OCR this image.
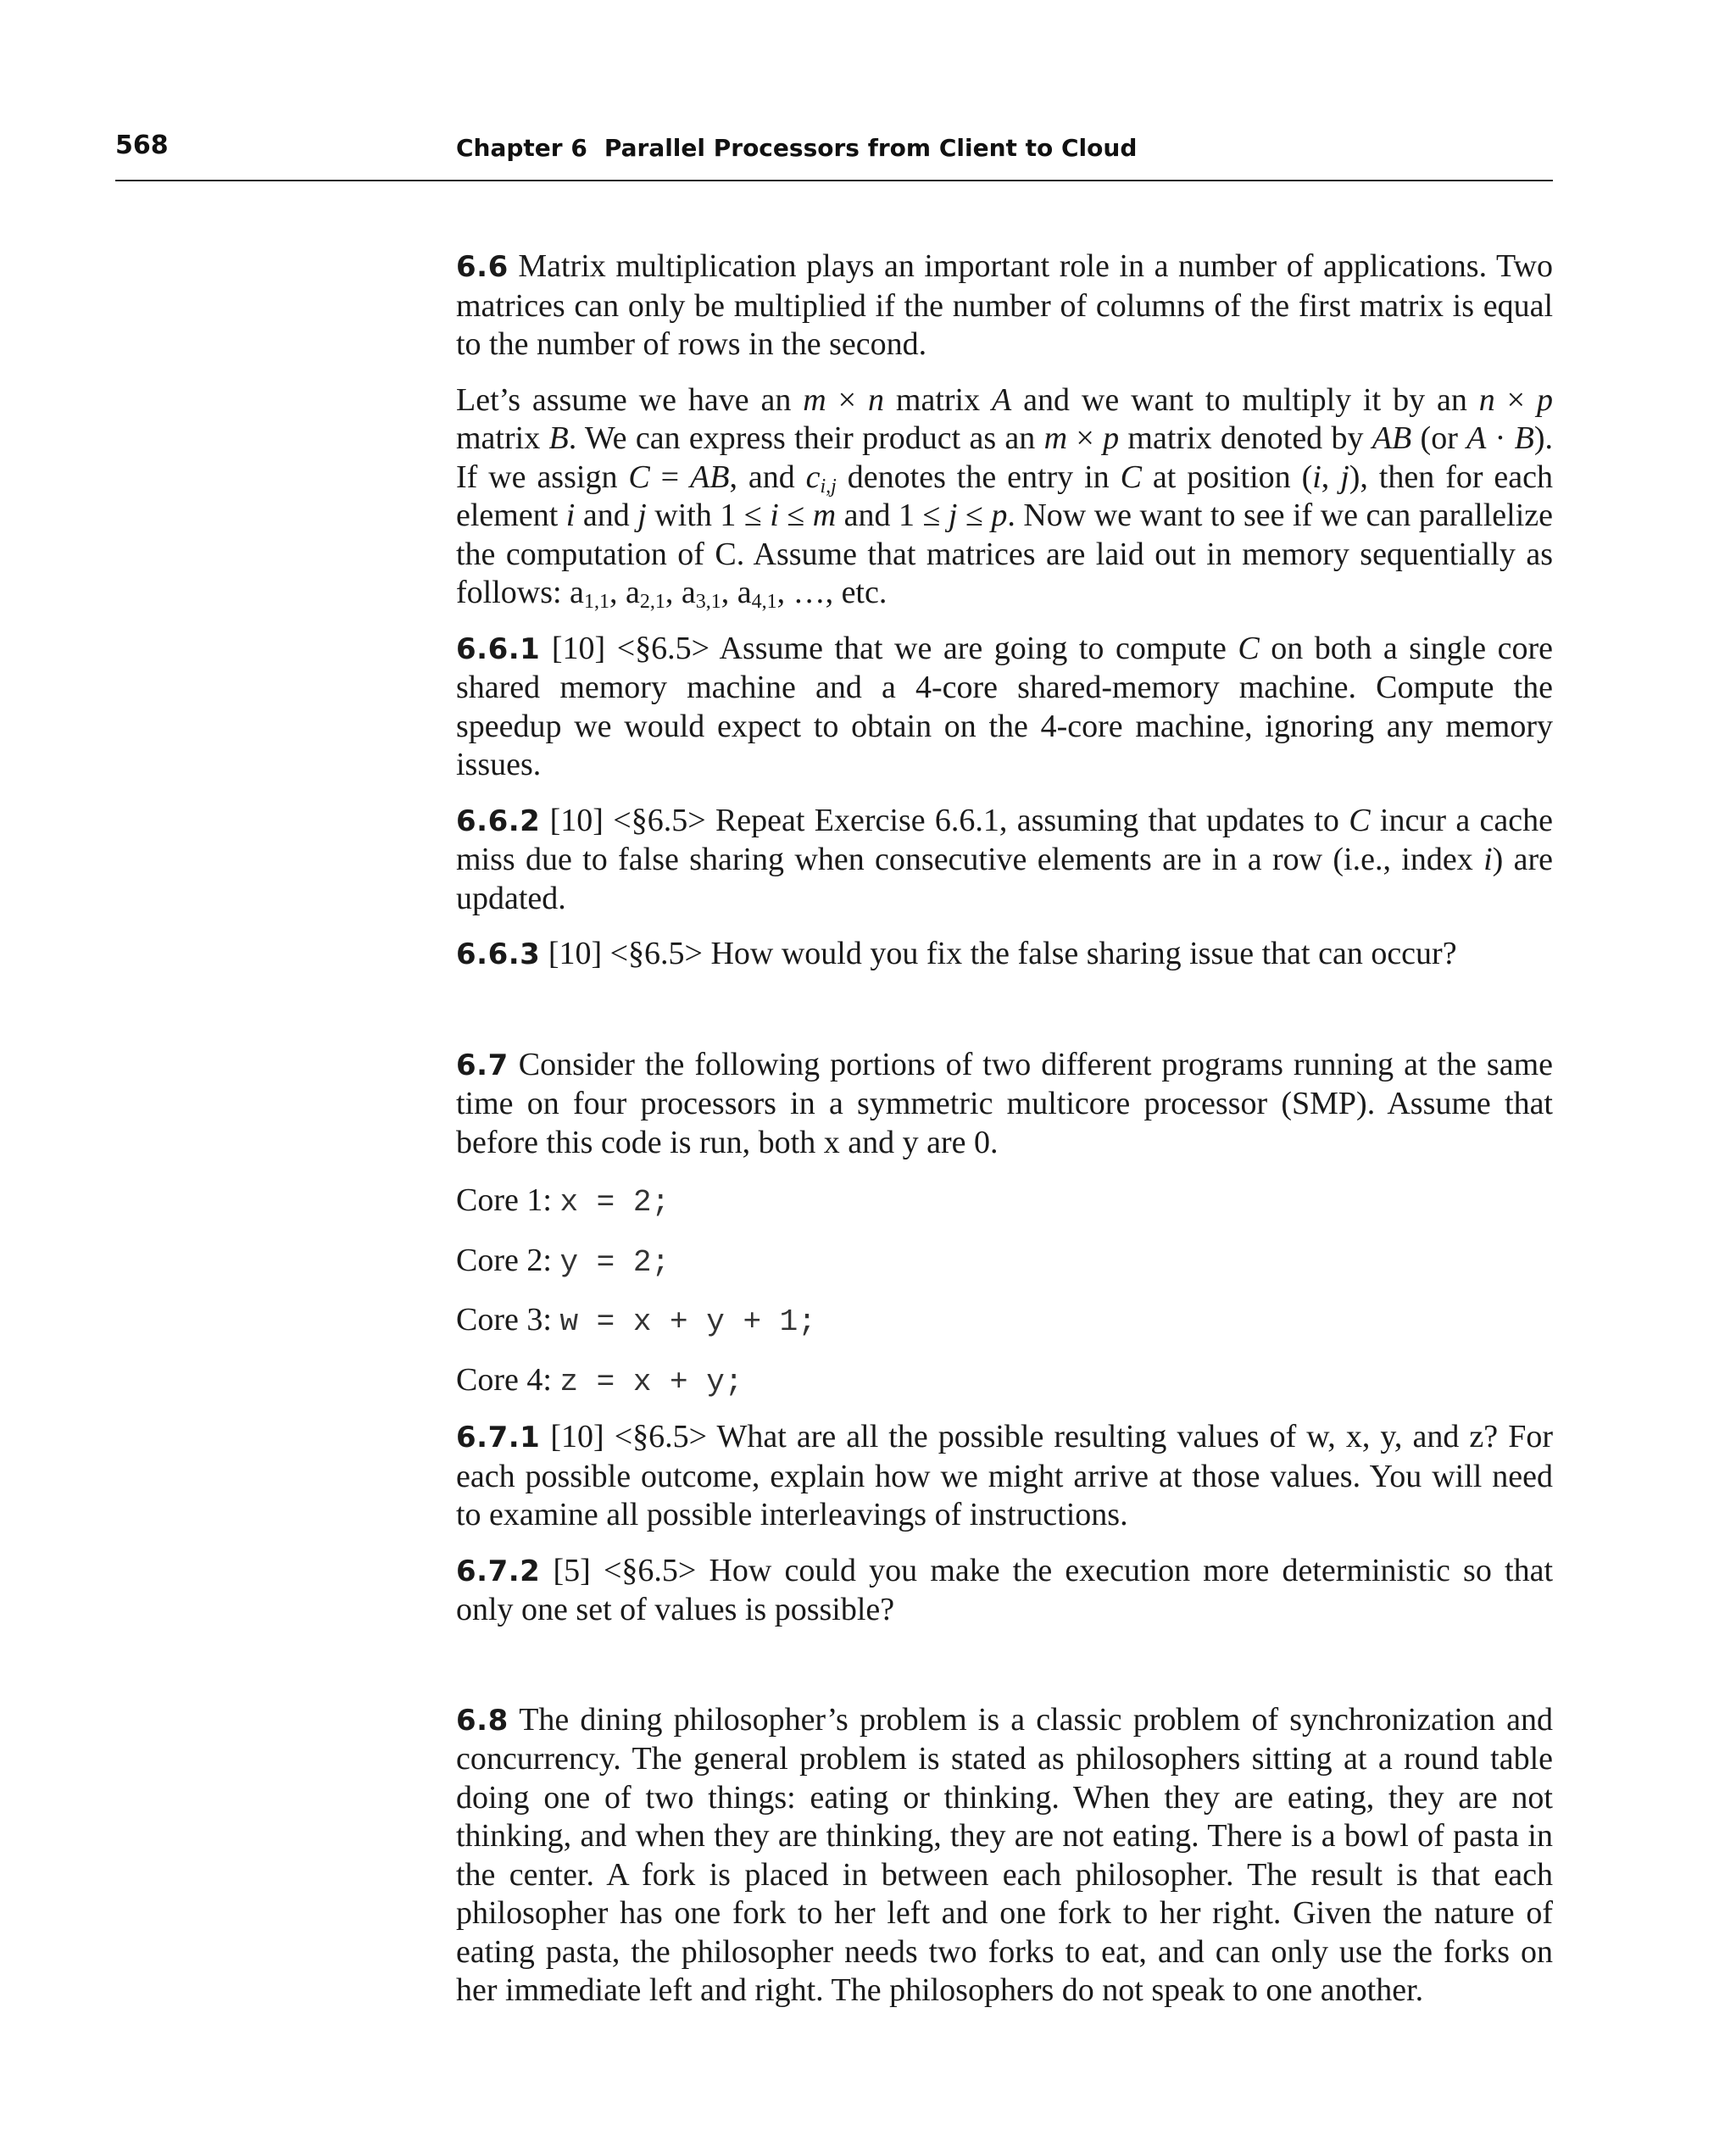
568	Chapter 6 Parallel Processors from Client to Cloud

6.6 Matrix multiplication plays an important role in a number of applications. Two matrices can only be multiplied if the number of columns of the first matrix is equal to the number of rows in the second.

Let’s assume we have an m × n matrix A and we want to multiply it by an n × p matrix B. We can express their product as an m × p matrix denoted by AB (or A · B). If we assign C = AB, and $c_{i,j}$ denotes the entry in C at position (i, j), then for each element i and j with 1 ≤ i ≤ m and 1 ≤ j ≤ p. Now we want to see if we can parallelize the computation of C. Assume that matrices are laid out in memory sequentially as follows: $a_{1,1}$, $a_{2,1}$, $a_{3,1}$, $a_{4,1}$, …, etc.

6.6.1 [10] <§6.5> Assume that we are going to compute C on both a single core shared memory machine and a 4-core shared-memory machine. Compute the speedup we would expect to obtain on the 4-core machine, ignoring any memory issues.

6.6.2 [10] <§6.5> Repeat Exercise 6.6.1, assuming that updates to C incur a cache miss due to false sharing when consecutive elements are in a row (i.e., index i) are updated.

6.6.3 [10] <§6.5> How would you fix the false sharing issue that can occur?

6.7 Consider the following portions of two different programs running at the same time on four processors in a symmetric multicore processor (SMP). Assume that before this code is run, both x and y are 0.

Core 1: x = 2;

Core 2: y = 2;

Core 3: w = x + y + 1;

Core 4: z = x + y;

6.7.1 [10] <§6.5> What are all the possible resulting values of w, x, y, and z? For each possible outcome, explain how we might arrive at those values. You will need to examine all possible interleavings of instructions.

6.7.2 [5] <§6.5> How could you make the execution more deterministic so that only one set of values is possible?

6.8 The dining philosopher’s problem is a classic problem of synchronization and concurrency. The general problem is stated as philosophers sitting at a round table doing one of two things: eating or thinking. When they are eating, they are not thinking, and when they are thinking, they are not eating. There is a bowl of pasta in the center. A fork is placed in between each philosopher. The result is that each philosopher has one fork to her left and one fork to her right. Given the nature of eating pasta, the philosopher needs two forks to eat, and can only use the forks on her immediate left and right. The philosophers do not speak to one another.
